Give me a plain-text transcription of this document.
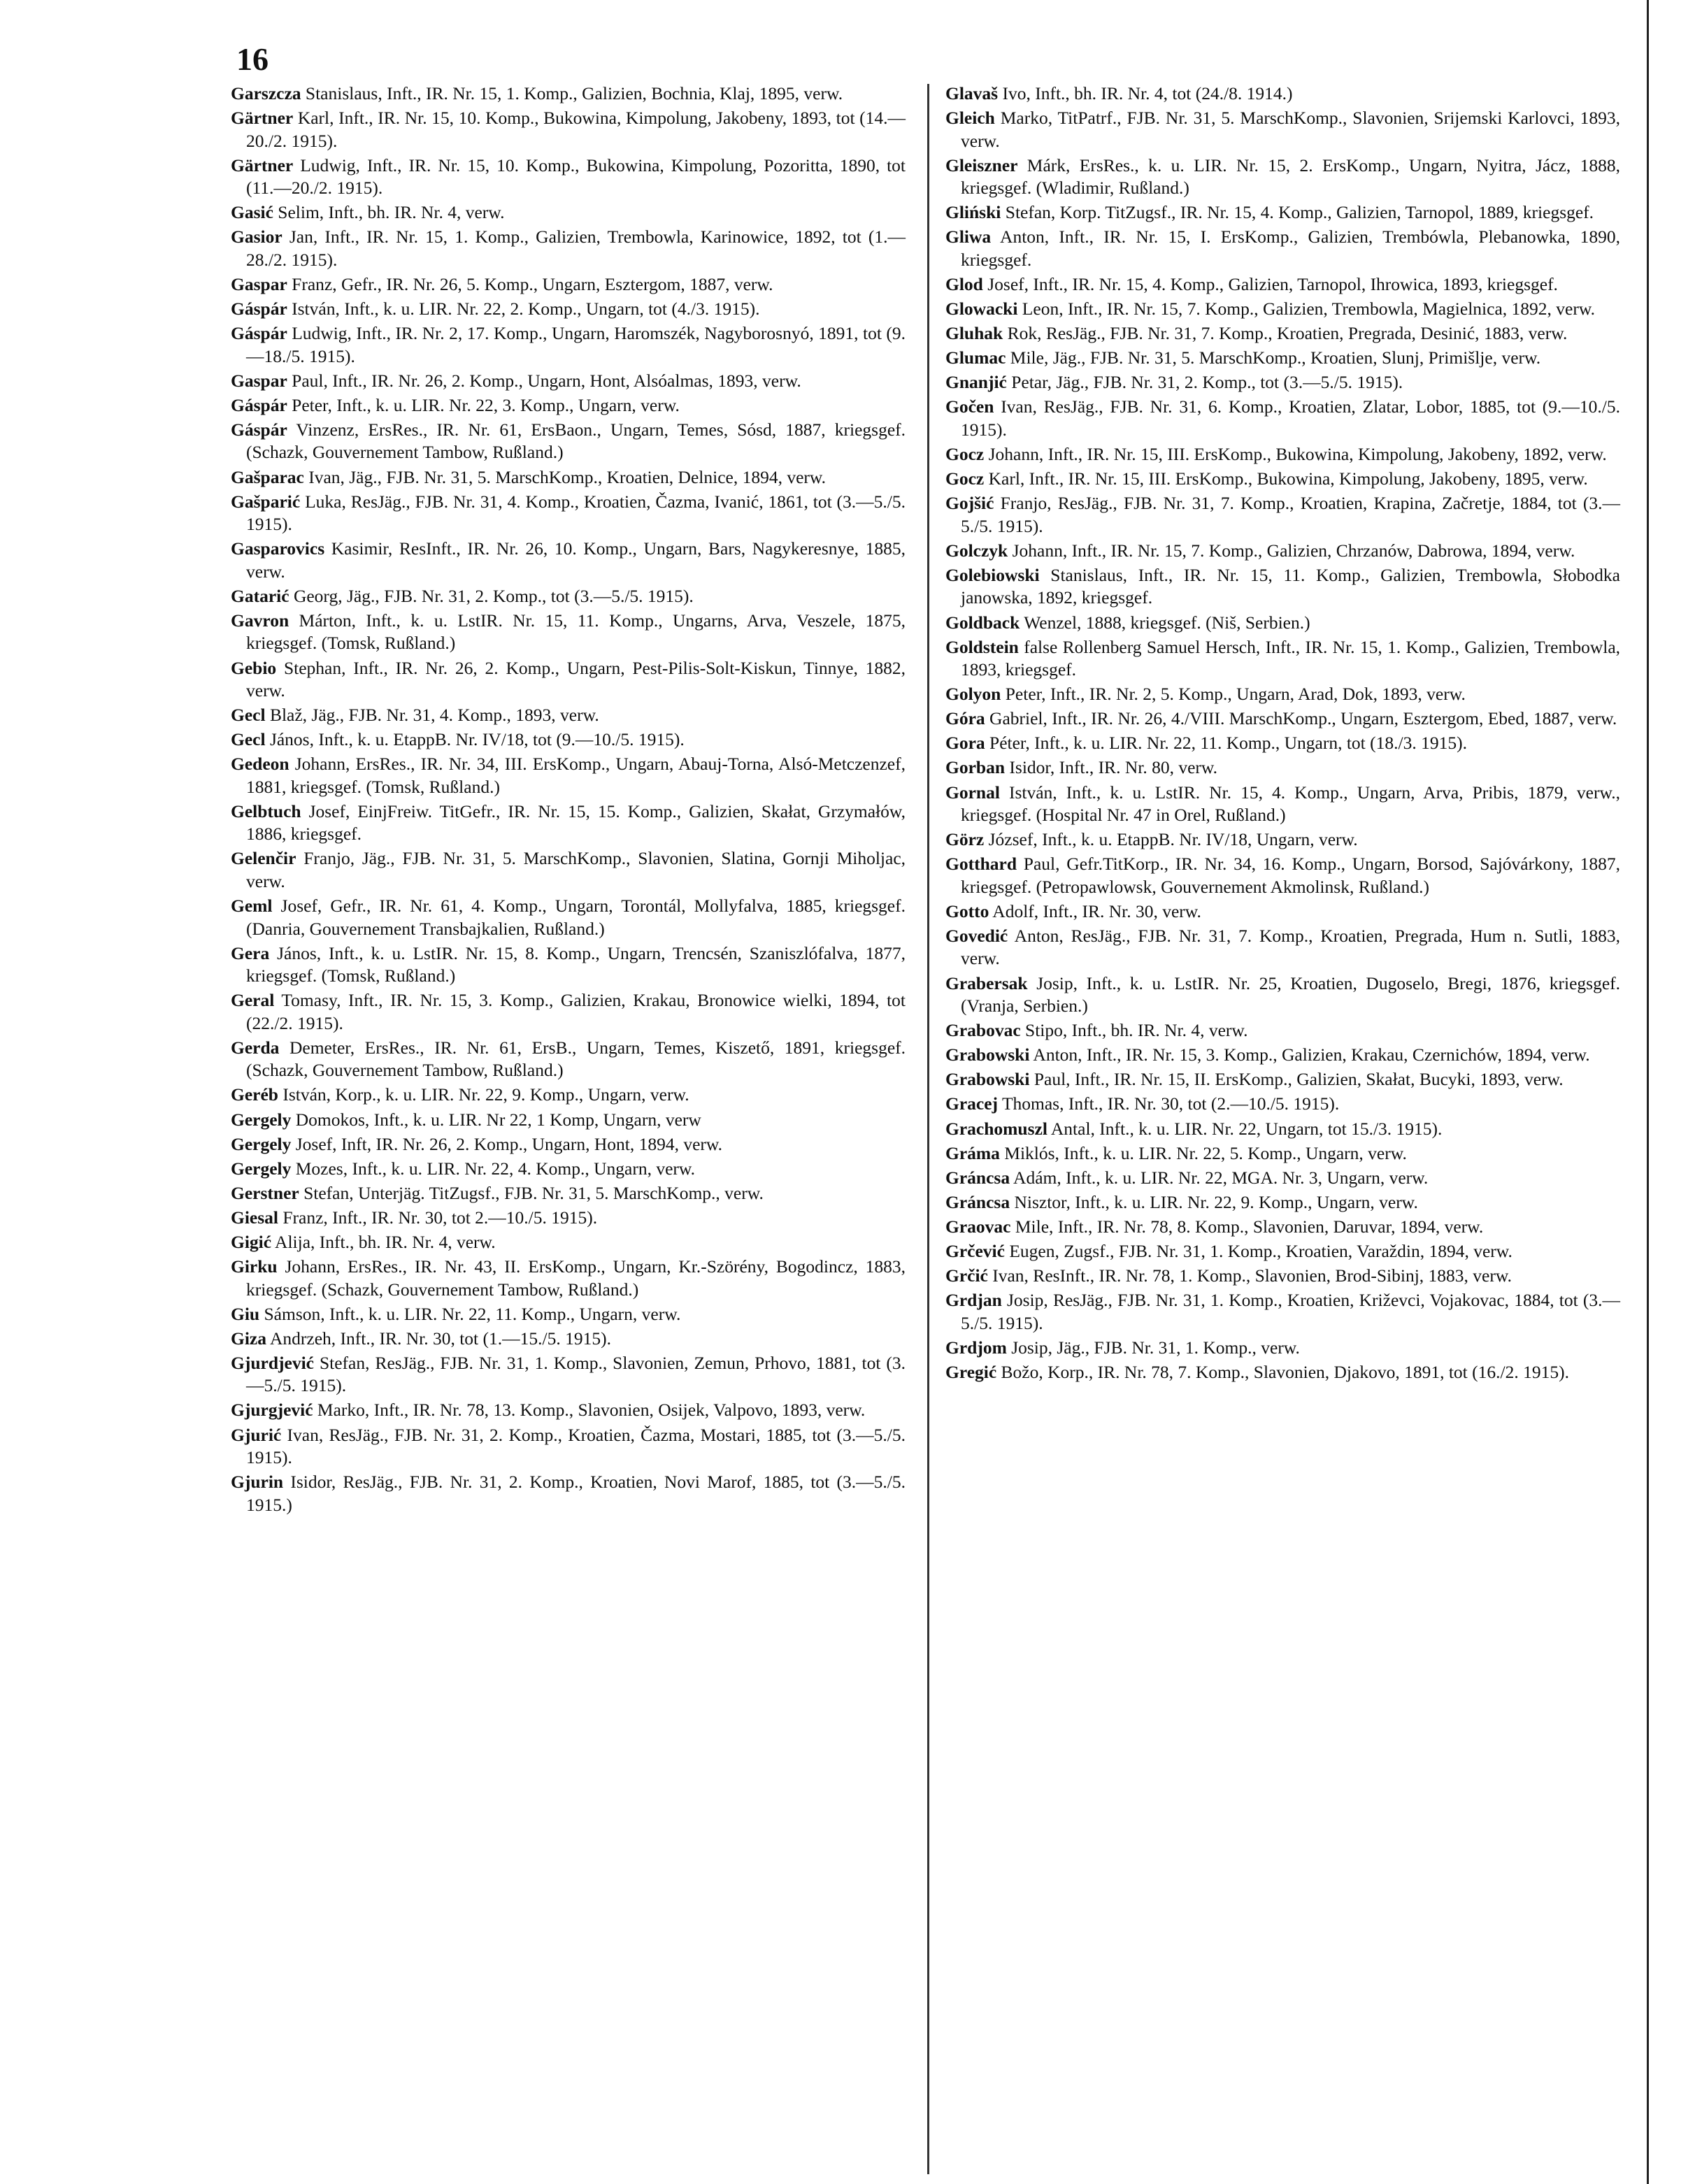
16

Garszcza Stanislaus, Inft., IR. Nr. 15, 1. Komp., Galizien, Bochnia, Klaj, 1895, verw.

Gärtner Karl, Inft., IR. Nr. 15, 10. Komp., Bukowina, Kimpolung, Jakobeny, 1893, tot (14.—20./2. 1915).

Gärtner Ludwig, Inft., IR. Nr. 15, 10. Komp., Bukowina, Kimpolung, Pozoritta, 1890, tot (11.—20./2. 1915).

Gasić Selim, Inft., bh. IR. Nr. 4, verw.

Gasior Jan, Inft., IR. Nr. 15, 1. Komp., Galizien, Trembowla, Karinowice, 1892, tot (1.—28./2. 1915).

Gaspar Franz, Gefr., IR. Nr. 26, 5. Komp., Ungarn, Esztergom, 1887, verw.

Gáspár István, Inft., k. u. LIR. Nr. 22, 2. Komp., Ungarn, tot (4./3. 1915).

Gáspár Ludwig, Inft., IR. Nr. 2, 17. Komp., Ungarn, Haromszék, Nagyborosnyó, 1891, tot (9.—18./5. 1915).

Gaspar Paul, Inft., IR. Nr. 26, 2. Komp., Ungarn, Hont, Alsóalmas, 1893, verw.

Gáspár Peter, Inft., k. u. LIR. Nr. 22, 3. Komp., Ungarn, verw.

Gáspár Vinzenz, ErsRes., IR. Nr. 61, ErsBaon., Ungarn, Temes, Sósd, 1887, kriegsgef. (Schazk, Gouvernement Tambow, Rußland.)

Gašparac Ivan, Jäg., FJB. Nr. 31, 5. MarschKomp., Kroatien, Delnice, 1894, verw.

Gašparić Luka, ResJäg., FJB. Nr. 31, 4. Komp., Kroatien, Čazma, Ivanić, 1861, tot (3.—5./5. 1915).

Gasparovics Kasimir, ResInft., IR. Nr. 26, 10. Komp., Ungarn, Bars, Nagykeresnye, 1885, verw.

Gatarić Georg, Jäg., FJB. Nr. 31, 2. Komp., tot (3.—5./5. 1915).

Gavron Márton, Inft., k. u. LstIR. Nr. 15, 11. Komp., Ungarns, Arva, Veszele, 1875, kriegsgef. (Tomsk, Rußland.)

Gebio Stephan, Inft., IR. Nr. 26, 2. Komp., Ungarn, Pest-Pilis-Solt-Kiskun, Tinnye, 1882, verw.

Gecl Blaž, Jäg., FJB. Nr. 31, 4. Komp., 1893, verw.

Gecl János, Inft., k. u. EtappB. Nr. IV/18, tot (9.—10./5. 1915).

Gedeon Johann, ErsRes., IR. Nr. 34, III. ErsKomp., Ungarn, Abauj-Torna, Alsó-Metczenzef, 1881, kriegsgef. (Tomsk, Rußland.)

Gelbtuch Josef, EinjFreiw. TitGefr., IR. Nr. 15, 15. Komp., Galizien, Skałat, Grzymałów, 1886, kriegsgef.

Gelenčir Franjo, Jäg., FJB. Nr. 31, 5. MarschKomp., Slavonien, Slatina, Gornji Miholjac, verw.

Geml Josef, Gefr., IR. Nr. 61, 4. Komp., Ungarn, Torontál, Mollyfalva, 1885, kriegsgef. (Danria, Gouvernement Transbajkalien, Rußland.)

Gera János, Inft., k. u. LstIR. Nr. 15, 8. Komp., Ungarn, Trencsén, Szaniszlófalva, 1877, kriegsgef. (Tomsk, Rußland.)

Geral Tomasy, Inft., IR. Nr. 15, 3. Komp., Galizien, Krakau, Bronowice wielki, 1894, tot (22./2. 1915).

Gerda Demeter, ErsRes., IR. Nr. 61, ErsB., Ungarn, Temes, Kiszető, 1891, kriegsgef. (Schazk, Gouvernement Tambow, Rußland.)

Geréb István, Korp., k. u. LIR. Nr. 22, 9. Komp., Ungarn, verw.

Gergely Domokos, Inft., k. u. LIR. Nr 22, 1 Komp, Ungarn, verw

Gergely Josef, Inft, IR. Nr. 26, 2. Komp., Ungarn, Hont, 1894, verw.

Gergely Mozes, Inft., k. u. LIR. Nr. 22, 4. Komp., Ungarn, verw.

Gerstner Stefan, Unterjäg. TitZugsf., FJB. Nr. 31, 5. MarschKomp., verw.

Giesal Franz, Inft., IR. Nr. 30, tot 2.—10./5. 1915).

Gigić Alija, Inft., bh. IR. Nr. 4, verw.

Girku Johann, ErsRes., IR. Nr. 43, II. ErsKomp., Ungarn, Kr.-Szörény, Bogodincz, 1883, kriegsgef. (Schazk, Gouvernement Tambow, Rußland.)

Giu Sámson, Inft., k. u. LIR. Nr. 22, 11. Komp., Ungarn, verw.

Giza Andrzeh, Inft., IR. Nr. 30, tot (1.—15./5. 1915).

Gjurdjević Stefan, ResJäg., FJB. Nr. 31, 1. Komp., Slavonien, Zemun, Prhovo, 1881, tot (3.—5./5. 1915).

Gjurgjević Marko, Inft., IR. Nr. 78, 13. Komp., Slavonien, Osijek, Valpovo, 1893, verw.

Gjurić Ivan, ResJäg., FJB. Nr. 31, 2. Komp., Kroatien, Čazma, Mostari, 1885, tot (3.—5./5. 1915).

Gjurin Isidor, ResJäg., FJB. Nr. 31, 2. Komp., Kroatien, Novi Marof, 1885, tot (3.—5./5. 1915.)

Glavaš Ivo, Inft., bh. IR. Nr. 4, tot (24./8. 1914.)

Gleich Marko, TitPatrf., FJB. Nr. 31, 5. MarschKomp., Slavonien, Srijemski Karlovci, 1893, verw.

Gleiszner Márk, ErsRes., k. u. LIR. Nr. 15, 2. ErsKomp., Ungarn, Nyitra, Jácz, 1888, kriegsgef. (Wladimir, Rußland.)

Gliński Stefan, Korp. TitZugsf., IR. Nr. 15, 4. Komp., Galizien, Tarnopol, 1889, kriegsgef.

Gliwa Anton, Inft., IR. Nr. 15, I. ErsKomp., Galizien, Trembówla, Plebanowka, 1890, kriegsgef.

Glod Josef, Inft., IR. Nr. 15, 4. Komp., Galizien, Tarnopol, Ihrowica, 1893, kriegsgef.

Glowacki Leon, Inft., IR. Nr. 15, 7. Komp., Galizien, Trembowla, Magielnica, 1892, verw.

Gluhak Rok, ResJäg., FJB. Nr. 31, 7. Komp., Kroatien, Pregrada, Desinić, 1883, verw.

Glumac Mile, Jäg., FJB. Nr. 31, 5. MarschKomp., Kroatien, Slunj, Primišlje, verw.

Gnanjić Petar, Jäg., FJB. Nr. 31, 2. Komp., tot (3.—5./5. 1915).

Gočen Ivan, ResJäg., FJB. Nr. 31, 6. Komp., Kroatien, Zlatar, Lobor, 1885, tot (9.—10./5. 1915).

Gocz Johann, Inft., IR. Nr. 15, III. ErsKomp., Bukowina, Kimpolung, Jakobeny, 1892, verw.

Gocz Karl, Inft., IR. Nr. 15, III. ErsKomp., Bukowina, Kimpolung, Jakobeny, 1895, verw.

Gojšić Franjo, ResJäg., FJB. Nr. 31, 7. Komp., Kroatien, Krapina, Začretje, 1884, tot (3.—5./5. 1915).

Golczyk Johann, Inft., IR. Nr. 15, 7. Komp., Galizien, Chrzanów, Dabrowa, 1894, verw.

Golebiowski Stanislaus, Inft., IR. Nr. 15, 11. Komp., Galizien, Trembowla, Słobodka janowska, 1892, kriegsgef.

Goldback Wenzel, 1888, kriegsgef. (Niš, Serbien.)

Goldstein false Rollenberg Samuel Hersch, Inft., IR. Nr. 15, 1. Komp., Galizien, Trembowla, 1893, kriegsgef.

Golyon Peter, Inft., IR. Nr. 2, 5. Komp., Ungarn, Arad, Dok, 1893, verw.

Góra Gabriel, Inft., IR. Nr. 26, 4./VIII. MarschKomp., Ungarn, Esztergom, Ebed, 1887, verw.

Gora Péter, Inft., k. u. LIR. Nr. 22, 11. Komp., Ungarn, tot (18./3. 1915).

Gorban Isidor, Inft., IR. Nr. 80, verw.

Gornal István, Inft., k. u. LstIR. Nr. 15, 4. Komp., Ungarn, Arva, Pribis, 1879, verw., kriegsgef. (Hospital Nr. 47 in Orel, Rußland.)

Görz József, Inft., k. u. EtappB. Nr. IV/18, Ungarn, verw.

Gotthard Paul, Gefr.TitKorp., IR. Nr. 34, 16. Komp., Ungarn, Borsod, Sajóvárkony, 1887, kriegsgef. (Petropawlowsk, Gouvernement Akmolinsk, Rußland.)

Gotto Adolf, Inft., IR. Nr. 30, verw.

Govedić Anton, ResJäg., FJB. Nr. 31, 7. Komp., Kroatien, Pregrada, Hum n. Sutli, 1883, verw.

Grabersak Josip, Inft., k. u. LstIR. Nr. 25, Kroatien, Dugoselo, Bregi, 1876, kriegsgef. (Vranja, Serbien.)

Grabovac Stipo, Inft., bh. IR. Nr. 4, verw.

Grabowski Anton, Inft., IR. Nr. 15, 3. Komp., Galizien, Krakau, Czernichów, 1894, verw.

Grabowski Paul, Inft., IR. Nr. 15, II. ErsKomp., Galizien, Skałat, Bucyki, 1893, verw.

Gracej Thomas, Inft., IR. Nr. 30, tot (2.—10./5. 1915).

Grachomuszl Antal, Inft., k. u. LIR. Nr. 22, Ungarn, tot 15./3. 1915).

Gráma Miklós, Inft., k. u. LIR. Nr. 22, 5. Komp., Ungarn, verw.

Gráncsa Adám, Inft., k. u. LIR. Nr. 22, MGA. Nr. 3, Ungarn, verw.

Gráncsa Nisztor, Inft., k. u. LIR. Nr. 22, 9. Komp., Ungarn, verw.

Graovac Mile, Inft., IR. Nr. 78, 8. Komp., Slavonien, Daruvar, 1894, verw.

Grčević Eugen, Zugsf., FJB. Nr. 31, 1. Komp., Kroatien, Varaždin, 1894, verw.

Grčić Ivan, ResInft., IR. Nr. 78, 1. Komp., Slavonien, Brod-Sibinj, 1883, verw.

Grdjan Josip, ResJäg., FJB. Nr. 31, 1. Komp., Kroatien, Križevci, Vojakovac, 1884, tot (3.—5./5. 1915).

Grdjom Josip, Jäg., FJB. Nr. 31, 1. Komp., verw.

Gregić Božo, Korp., IR. Nr. 78, 7. Komp., Slavonien, Djakovo, 1891, tot (16./2. 1915).
